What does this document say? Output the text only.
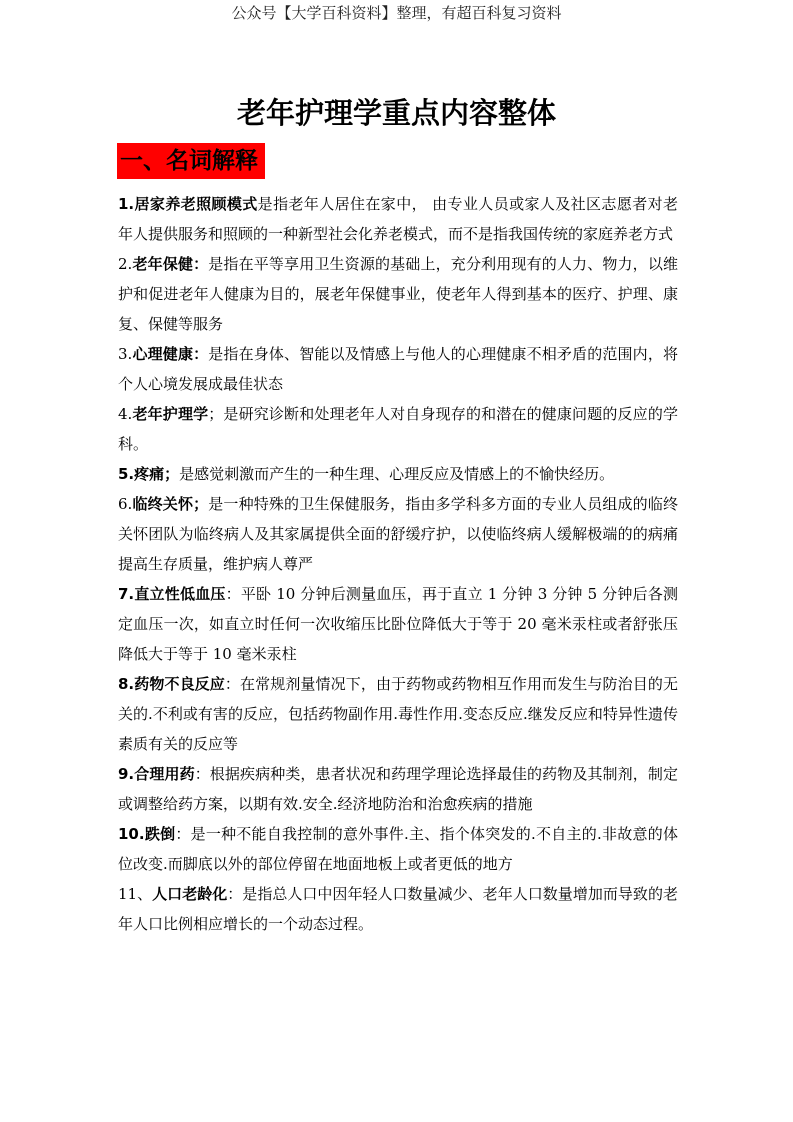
公众号【大学百科资料】整理，有超百科复习资料
老年护理学重点内容整体
一、名词解释
1.居家养老照顾模式是指老年人居住在家中， 由专业人员或家人及社区志愿者对老年人提供服务和照顾的一种新型社会化养老模式，而不是指我国传统的家庭养老方式
2.老年保健：是指在平等享用卫生资源的基础上，充分利用现有的人力、物力，以维护和促进老年人健康为目的，展老年保健事业，使老年人得到基本的医疗、护理、康复、保健等服务
3.心理健康：是指在身体、智能以及情感上与他人的心理健康不相矛盾的范围内，将个人心境发展成最佳状态
4.老年护理学；是研究诊断和处理老年人对自身现存的和潜在的健康问题的反应的学科。
5.疼痛；是感觉刺激而产生的一种生理、心理反应及情感上的不愉快经历。
6.临终关怀；是一种特殊的卫生保健服务，指由多学科多方面的专业人员组成的临终关怀团队为临终病人及其家属提供全面的舒缓疗护，以使临终病人缓解极端的的病痛提高生存质量，维护病人尊严
7.直立性低血压：平卧 10 分钟后测量血压，再于直立 1 分钟 3 分钟 5 分钟后各测定血压一次，如直立时任何一次收缩压比卧位降低大于等于 20 毫米汞柱或者舒张压降低大于等于 10 毫米汞柱
8.药物不良反应：在常规剂量情况下，由于药物或药物相互作用而发生与防治目的无关的.不利或有害的反应，包括药物副作用.毒性作用.变态反应.继发反应和特异性遗传素质有关的反应等
9.合理用药：根据疾病种类，患者状况和药理学理论选择最佳的药物及其制剂，制定或调整给药方案，以期有效.安全.经济地防治和治愈疾病的措施
10.跌倒：是一种不能自我控制的意外事件.主、指个体突发的.不自主的.非故意的体位改变.而脚底以外的部位停留在地面地板上或者更低的地方
11、人口老龄化：是指总人口中因年轻人口数量减少、老年人口数量增加而导致的老年人口比例相应增长的一个动态过程。
